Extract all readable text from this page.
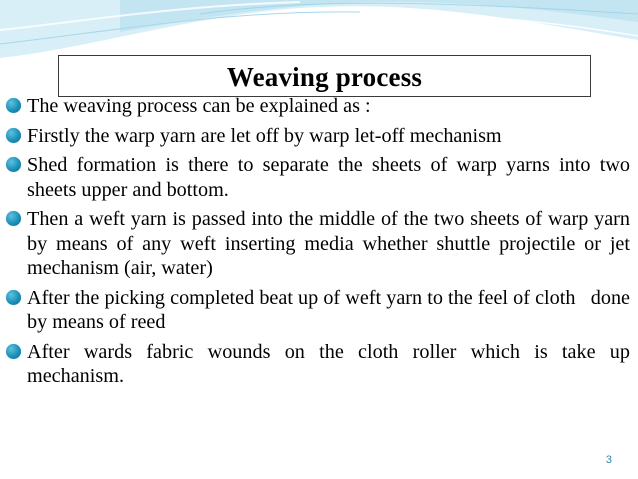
Weaving process
The weaving process can be explained as :
Firstly the warp yarn are let off by warp let-off mechanism
Shed formation is there to separate the sheets of warp yarns into two sheets upper and bottom.
Then a weft yarn is passed into the middle of the two sheets of warp yarn by means of any weft inserting media whether shuttle projectile or jet mechanism (air, water)
After the picking completed beat up of weft yarn to the feel of cloth   done by means of reed
After wards fabric wounds on the cloth roller which is take up mechanism.
3
